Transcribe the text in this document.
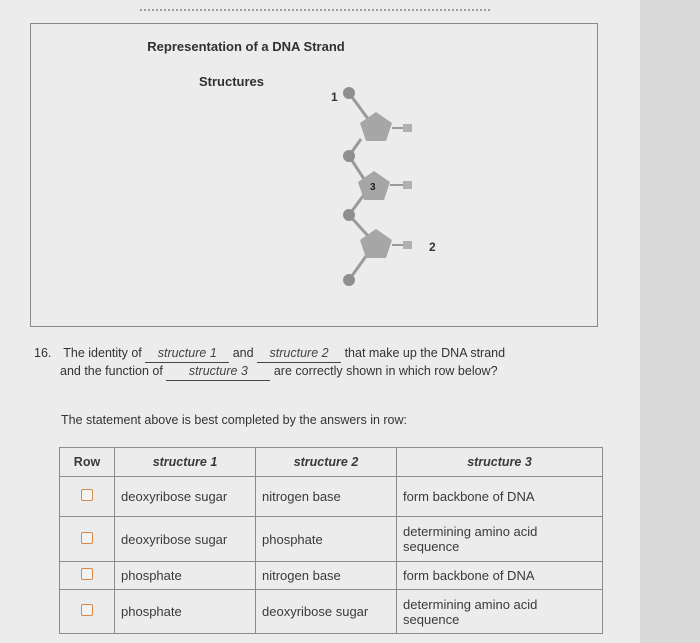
Representation of a DNA Strand
Structures
1
3
2
16. The identity of structure 1 and structure 2 that make up the DNA strand
and the function of structure 3 are correctly shown in which row below?
The statement above is best completed by the answers in row:
Row	structure 1	structure 2	structure 3
	deoxyribose sugar	nitrogen base	form backbone of DNA
	deoxyribose sugar	phosphate	determining amino acid sequence
	phosphate	nitrogen base	form backbone of DNA
	phosphate	deoxyribose sugar	determining amino acid sequence
